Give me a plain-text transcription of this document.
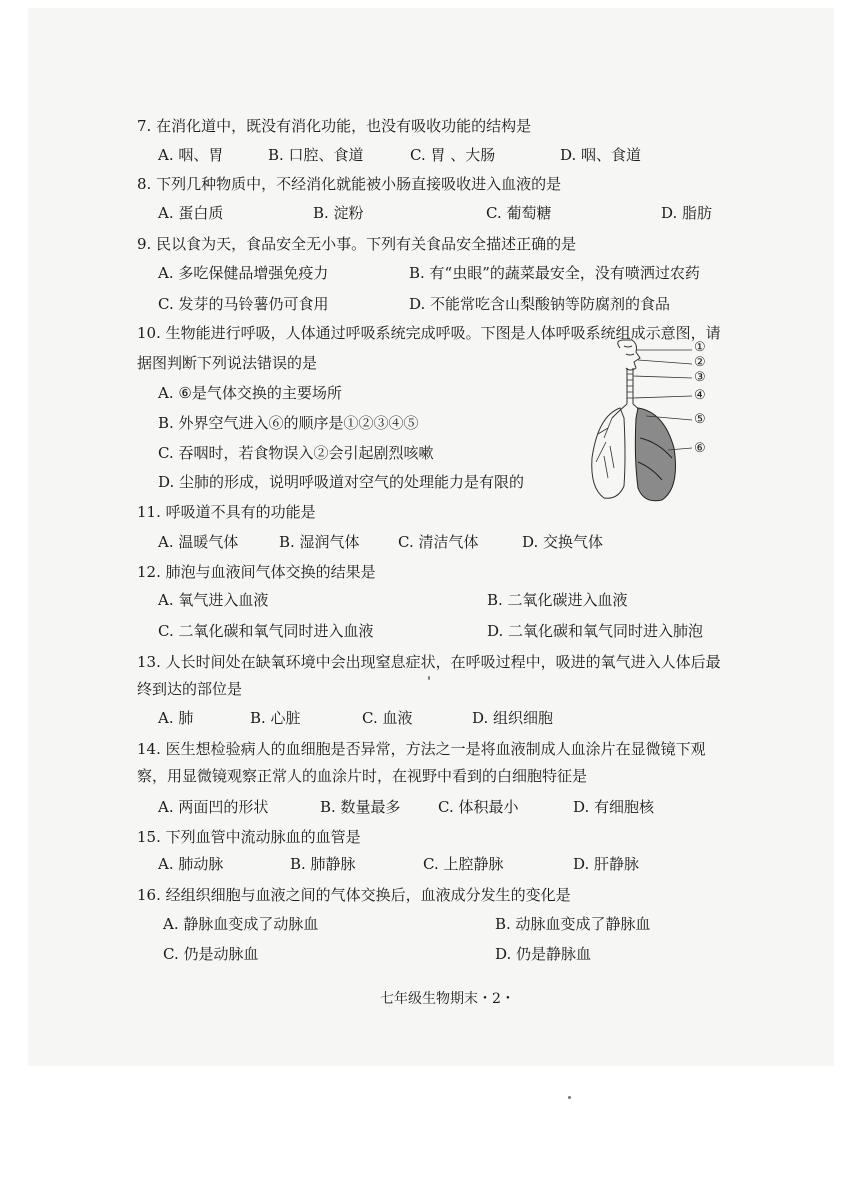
7. 在消化道中，既没有消化功能，也没有吸收功能的结构是
A. 咽、胃	B. 口腔、食道	C. 胃 、大肠	D. 咽、食道
8. 下列几种物质中，不经消化就能被小肠直接吸收进入血液的是
A. 蛋白质	B. 淀粉	C. 葡萄糖	D. 脂肪
9. 民以食为天，食品安全无小事。下列有关食品安全描述正确的是
A. 多吃保健品增强免疫力	B. 有“虫眼”的蔬菜最安全，没有喷洒过农药
C. 发芽的马铃薯仍可食用	D. 不能常吃含山梨酸钠等防腐剂的食品
10. 生物能进行呼吸，人体通过呼吸系统完成呼吸。下图是人体呼吸系统组成示意图，请
据图判断下列说法错误的是
A. ⑥是气体交换的主要场所
B. 外界空气进入⑥的顺序是①②③④⑤
C. 吞咽时，若食物误入②会引起剧烈咳嗽
D. 尘肺的形成，说明呼吸道对空气的处理能力是有限的
①
②
③
④
⑤
⑥
11. 呼吸道不具有的功能是
A. 温暖气体	B. 湿润气体	C. 清洁气体	D. 交换气体
12. 肺泡与血液间气体交换的结果是
A. 氧气进入血液	B. 二氧化碳进入血液
C. 二氧化碳和氧气同时进入血液	D. 二氧化碳和氧气同时进入肺泡
13. 人长时间处在缺氧环境中会出现窒息症状，在呼吸过程中，吸进的氧气进入人体后最
终到达的部位是
A. 肺	B. 心脏	C. 血液	D. 组织细胞
14. 医生想检验病人的血细胞是否异常，方法之一是将血液制成人血涂片在显微镜下观
察，用显微镜观察正常人的血涂片时，在视野中看到的白细胞特征是
A. 两面凹的形状	B. 数量最多 C. 体积最小	D. 有细胞核
15. 下列血管中流动脉血的血管是
A. 肺动脉	B. 肺静脉	C. 上腔静脉	D. 肝静脉
16. 经组织细胞与血液之间的气体交换后，血液成分发生的变化是
A. 静脉血变成了动脉血	B. 动脉血变成了静脉血
C. 仍是动脉血	D. 仍是静脉血
七年级生物期末・2・
